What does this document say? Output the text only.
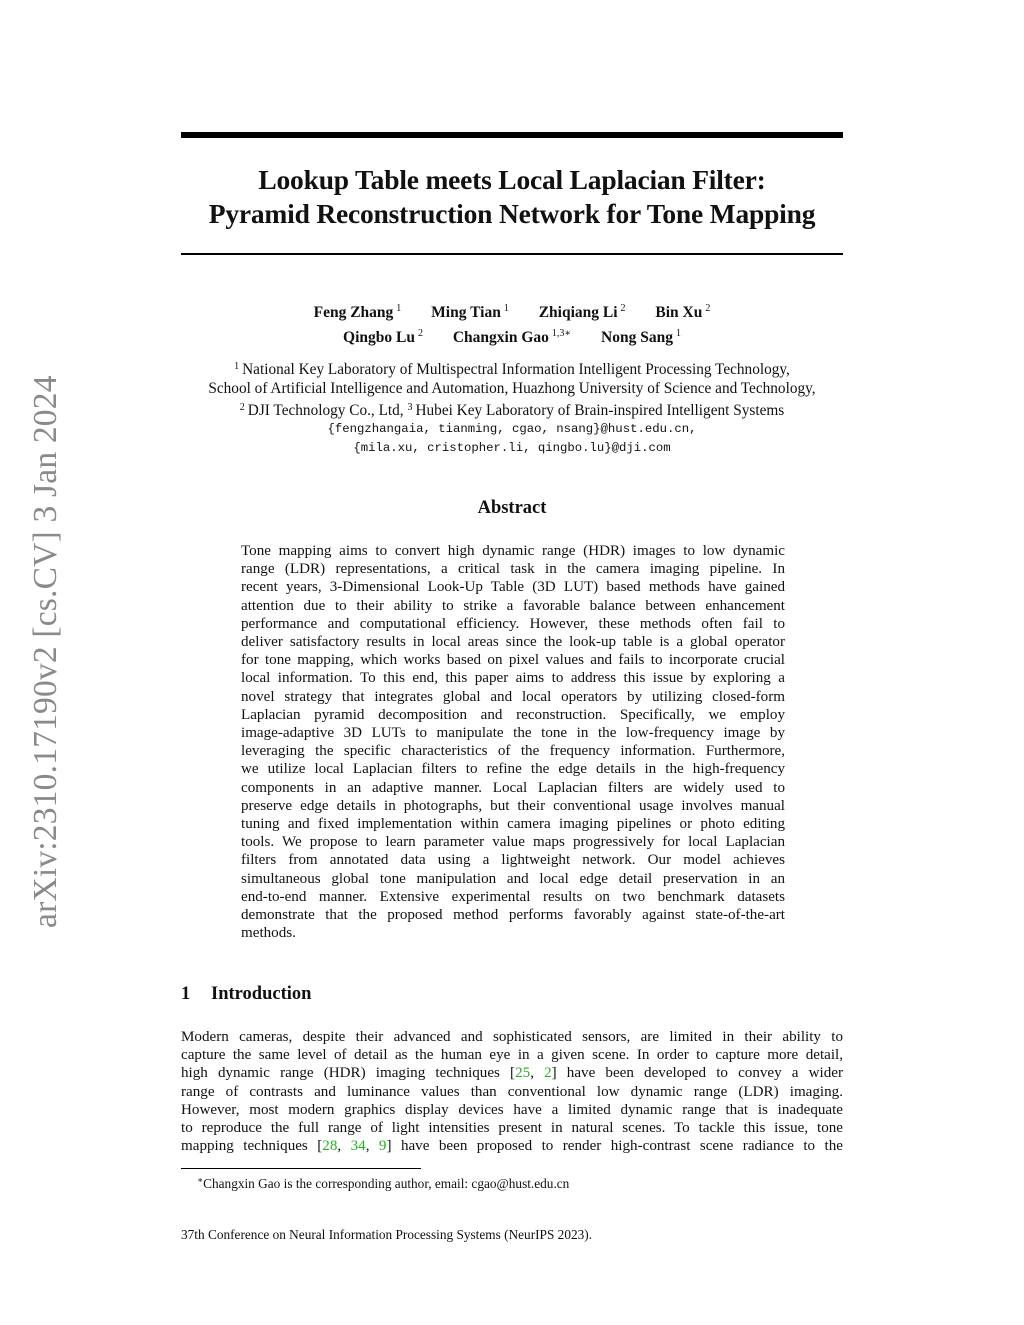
arXiv:2310.17190v2 [cs.CV] 3 Jan 2024
Lookup Table meets Local Laplacian Filter:
Pyramid Reconstruction Network for Tone Mapping
Feng Zhang $^1$ Ming Tian $^1$ Zhiqiang Li $^2$ Bin Xu $^2$
Qingbo Lu $^2$ Changxin Gao $^{1,3∗}$ Nong Sang $^1$
$^1$ National Key Laboratory of Multispectral Information Intelligent Processing Technology,
School of Artificial Intelligence and Automation, Huazhong University of Science and Technology,
$^2$ DJI Technology Co., Ltd, $^3$ Hubei Key Laboratory of Brain-inspired Intelligent Systems
{fengzhangaia, tianming, cgao, nsang}@hust.edu.cn,
{mila.xu, cristopher.li, qingbo.lu}@dji.com
Abstract
Tone mapping aims to convert high dynamic range (HDR) images to low dynamic
range (LDR) representations, a critical task in the camera imaging pipeline. In
recent years, 3-Dimensional Look-Up Table (3D LUT) based methods have gained
attention due to their ability to strike a favorable balance between enhancement
performance and computational efficiency. However, these methods often fail to
deliver satisfactory results in local areas since the look-up table is a global operator
for tone mapping, which works based on pixel values and fails to incorporate crucial
local information. To this end, this paper aims to address this issue by exploring a
novel strategy that integrates global and local operators by utilizing closed-form
Laplacian pyramid decomposition and reconstruction. Specifically, we employ
image-adaptive 3D LUTs to manipulate the tone in the low-frequency image by
leveraging the specific characteristics of the frequency information. Furthermore,
we utilize local Laplacian filters to refine the edge details in the high-frequency
components in an adaptive manner. Local Laplacian filters are widely used to
preserve edge details in photographs, but their conventional usage involves manual
tuning and fixed implementation within camera imaging pipelines or photo editing
tools. We propose to learn parameter value maps progressively for local Laplacian
filters from annotated data using a lightweight network. Our model achieves
simultaneous global tone manipulation and local edge detail preservation in an
end-to-end manner. Extensive experimental results on two benchmark datasets
demonstrate that the proposed method performs favorably against state-of-the-art
methods.
1 Introduction
Modern cameras, despite their advanced and sophisticated sensors, are limited in their ability to
capture the same level of detail as the human eye in a given scene. In order to capture more detail,
high dynamic range (HDR) imaging techniques [25, 2] have been developed to convey a wider
range of contrasts and luminance values than conventional low dynamic range (LDR) imaging.
However, most modern graphics display devices have a limited dynamic range that is inadequate
to reproduce the full range of light intensities present in natural scenes. To tackle this issue, tone
mapping techniques [28, 34, 9] have been proposed to render high-contrast scene radiance to the
∗Changxin Gao is the corresponding author, email: cgao@hust.edu.cn
37th Conference on Neural Information Processing Systems (NeurIPS 2023).
